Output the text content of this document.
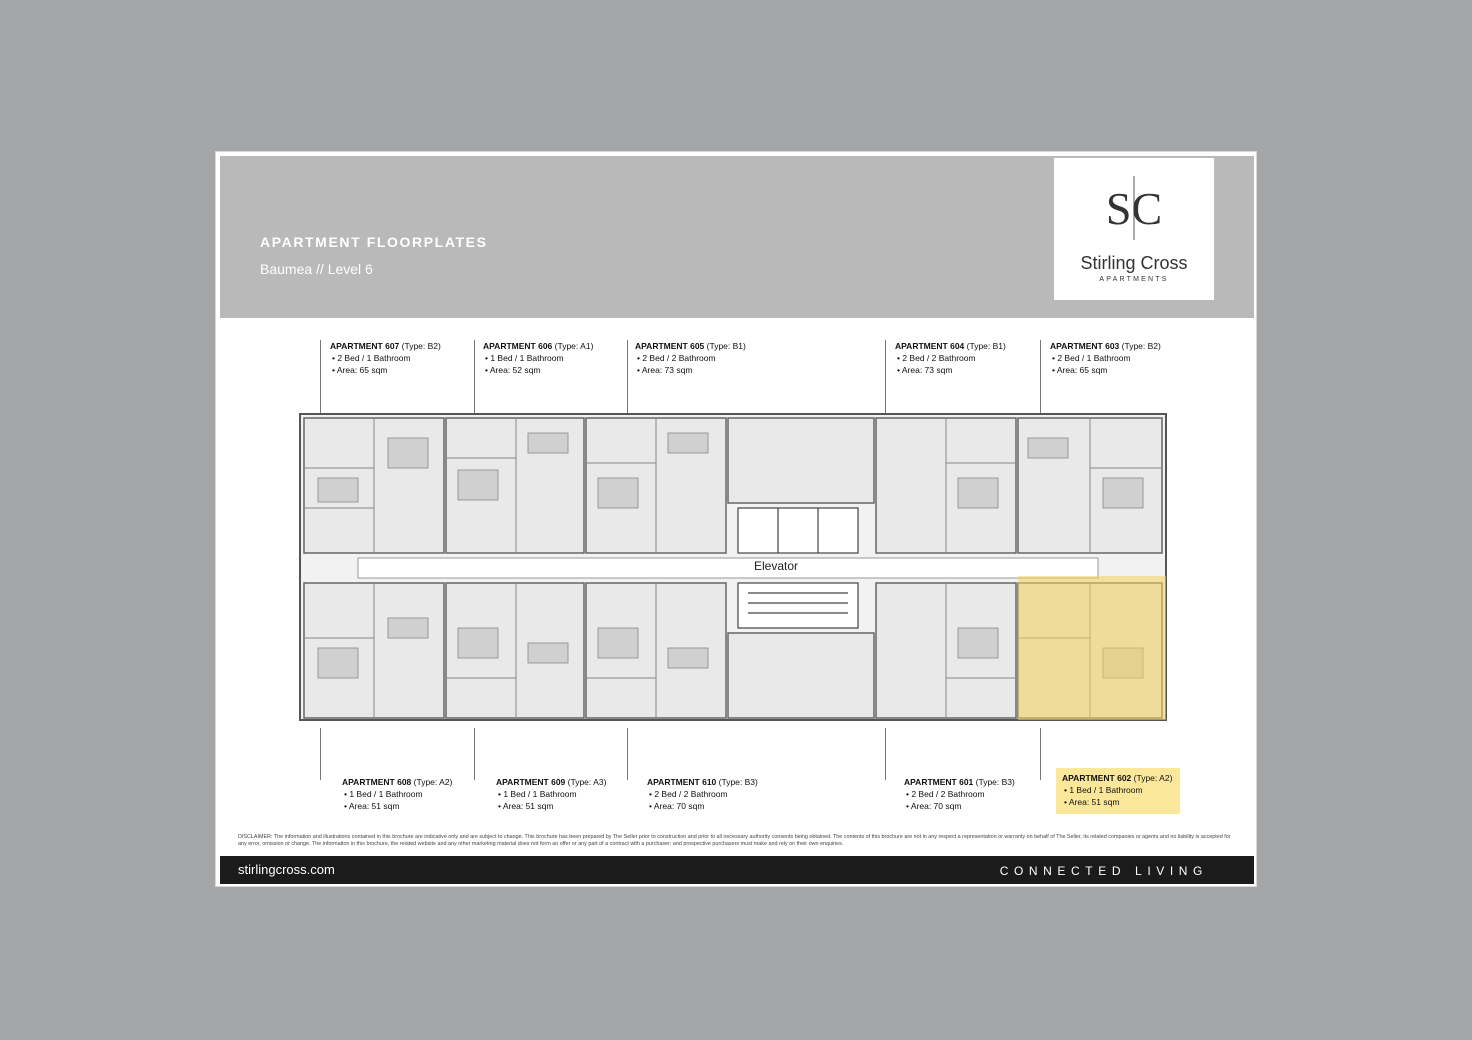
APARTMENT FLOORPLATES
Baumea // Level 6
SC
Stirling Cross
APARTMENTS
APARTMENT 607 (Type: B2)
• 2 Bed / 1 Bathroom
• Area: 65 sqm
APARTMENT 606 (Type: A1)
• 1 Bed / 1 Bathroom
• Area: 52 sqm
APARTMENT 605 (Type: B1)
• 2 Bed / 2 Bathroom
• Area: 73 sqm
APARTMENT 604 (Type: B1)
• 2 Bed / 2 Bathroom
• Area: 73 sqm
APARTMENT 603 (Type: B2)
• 2 Bed / 1 Bathroom
• Area: 65 sqm
Elevator
APARTMENT 608 (Type: A2)
• 1 Bed / 1 Bathroom
• Area: 51 sqm
APARTMENT 609 (Type: A3)
• 1 Bed / 1 Bathroom
• Area: 51 sqm
APARTMENT 610 (Type: B3)
• 2 Bed / 2 Bathroom
• Area: 70 sqm
APARTMENT 601 (Type: B3)
• 2 Bed / 2 Bathroom
• Area: 70 sqm
APARTMENT 602 (Type: A2)
• 1 Bed / 1 Bathroom
• Area: 51 sqm
DISCLAIMER: The information and illustrations contained in this brochure are indicative only and are subject to change. This brochure has been prepared by The Seller prior to construction and prior to all necessary authority consents being obtained. The contents of this brochure are not in any respect a representation or warranty on behalf of The Seller, its related companies or agents and no liability is accepted for any error, omission or change. The information in this brochure, the related website and any other marketing material does not form an offer or any part of a contract with a purchaser; and prospective purchasers must make and rely on their own enquiries.
stirlingcross.com	CONNECTED LIVING
